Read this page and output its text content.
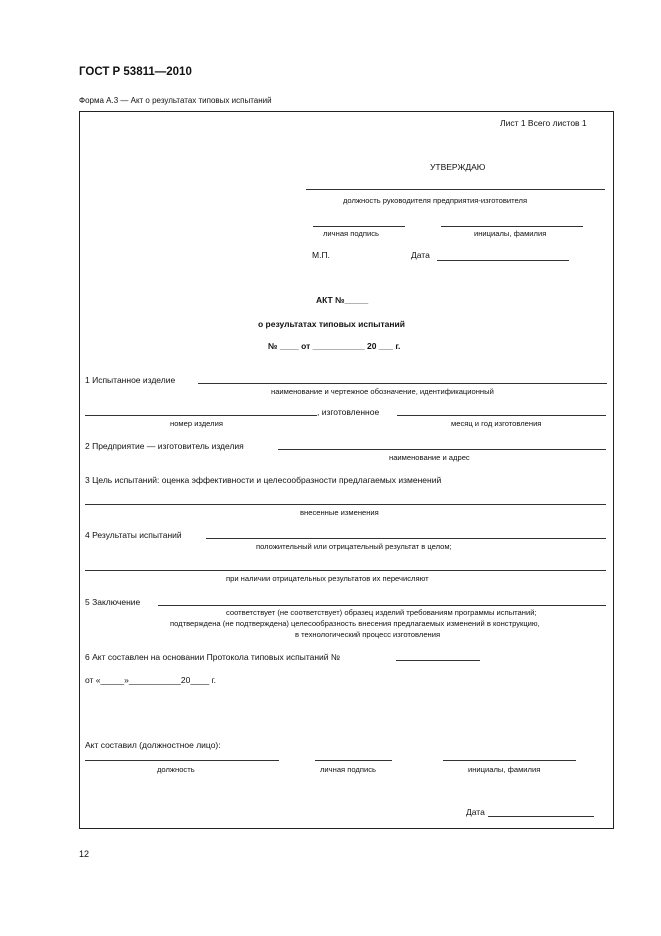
ГОСТ Р 53811—2010
Форма А.3 — Акт о результатах типовых испытаний
Лист 1 Всего листов 1
УТВЕРЖДАЮ
должность руководителя предприятия-изготовителя
личная подпись	инициалы, фамилия
М.П.	Дата
АКТ №_____
о результатах типовых испытаний
№ ____ от ___________ 20 ___ г.
1 Испытанное изделие
наименование и чертежное обозначение, идентификационный
, изготовленное
номер изделия	месяц и год изготовления
2 Предприятие — изготовитель изделия
наименование и адрес
3 Цель испытаний: оценка эффективности и целесообразности предлагаемых изменений
внесенные изменения
4 Результаты испытаний
положительный или отрицательный результат в целом;
при наличии отрицательных результатов их перечисляют
5 Заключение
соответствует (не соответствует) образец изделий требованиям программы испытаний;
подтверждена (не подтверждена) целесообразность внесения предлагаемых изменений в конструкцию,
в технологический процесс изготовления
6 Акт составлен на основании Протокола типовых испытаний №
от «_____»___________20____ г.
Акт составил (должностное лицо):
должность	личная подпись	инициалы, фамилия
Дата
12
